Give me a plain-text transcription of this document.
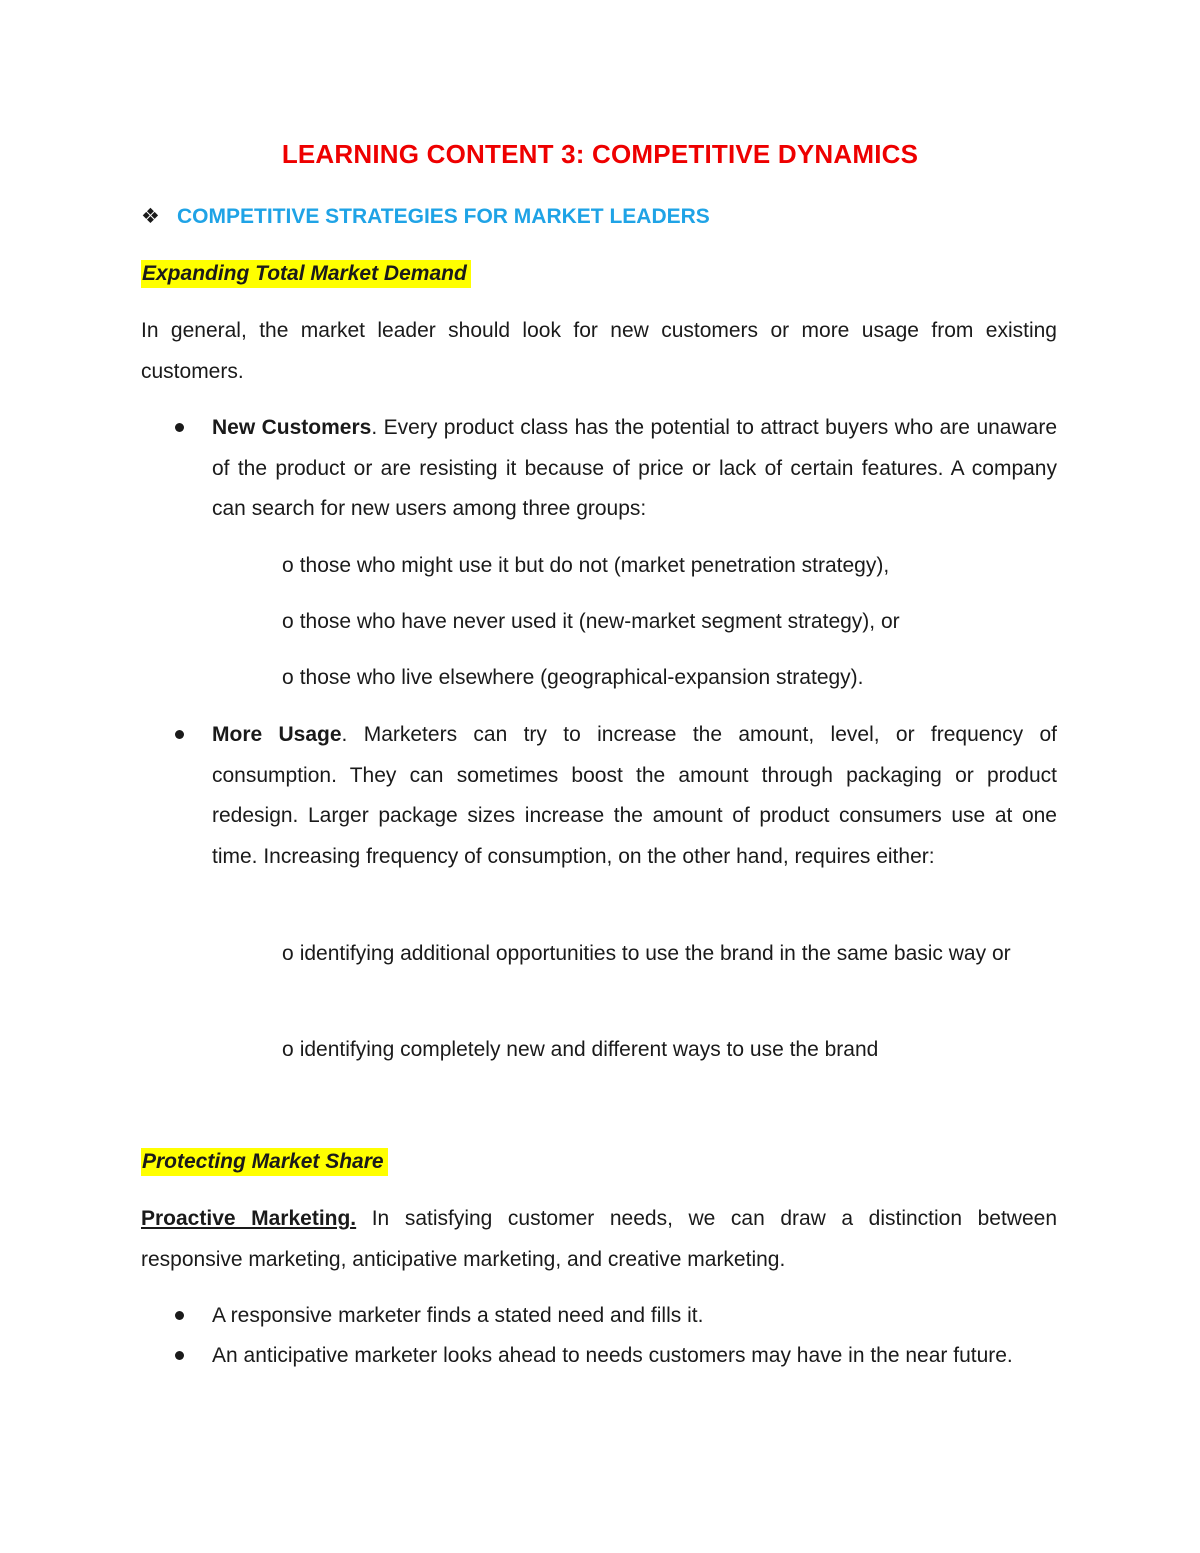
LEARNING CONTENT 3: COMPETITIVE DYNAMICS
❖ COMPETITIVE STRATEGIES FOR MARKET LEADERS
Expanding Total Market Demand

In general, the market leader should look for new customers or more usage from existing customers.

New Customers. Every product class has the potential to attract buyers who are unaware of the product or are resisting it because of price or lack of certain features. A company can search for new users among three groups:

o those who might use it but do not (market penetration strategy),

o those who have never used it (new-market segment strategy), or

o those who live elsewhere (geographical-expansion strategy).

More Usage. Marketers can try to increase the amount, level, or frequency of consumption. They can sometimes boost the amount through packaging or product redesign. Larger package sizes increase the amount of product consumers use at one time. Increasing frequency of consumption, on the other hand, requires either:

o identifying additional opportunities to use the brand in the same basic way or

o identifying completely new and different ways to use the brand

Protecting Market Share

Proactive Marketing. In satisfying customer needs, we can draw a distinction between responsive marketing, anticipative marketing, and creative marketing.

A responsive marketer finds a stated need and fills it.

An anticipative marketer looks ahead to needs customers may have in the near future.
